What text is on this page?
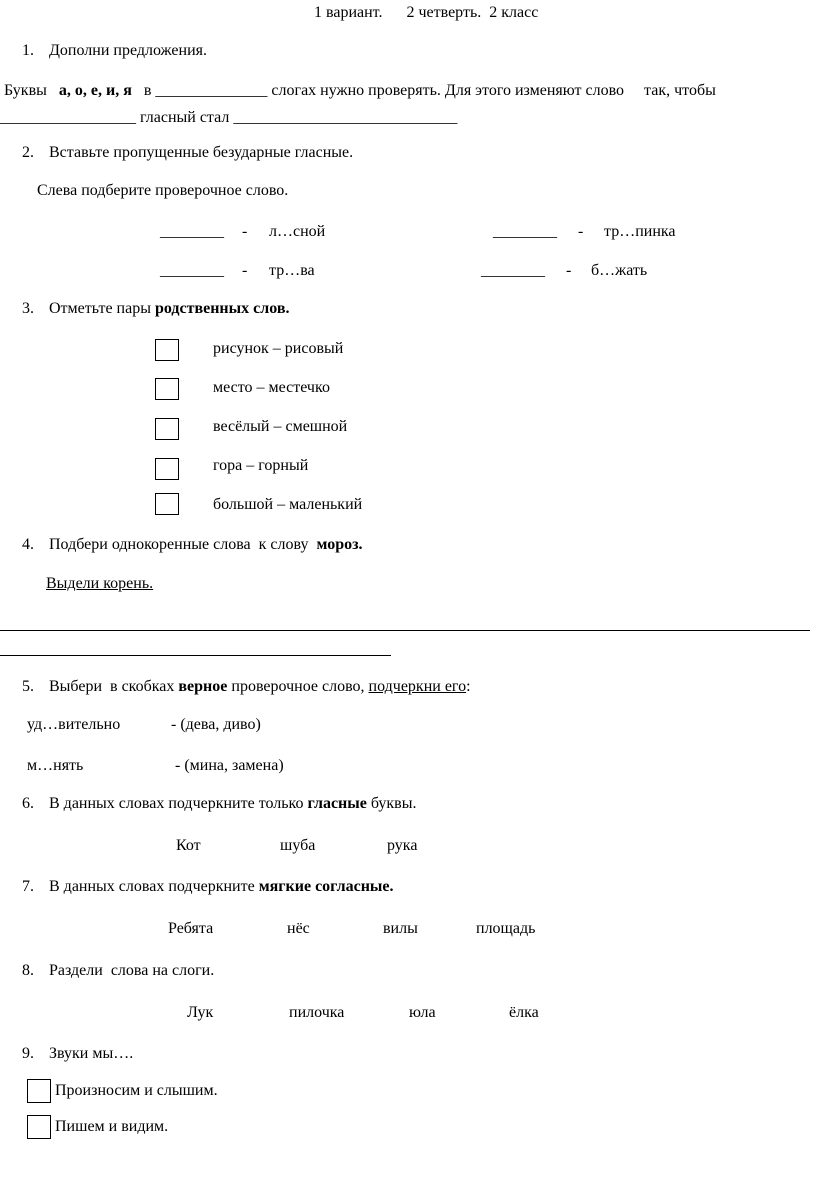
1 вариант.      2 четверть.  2 класс
1. Дополни предложения.
Буквы а, о, е, и, я в ______________ слогах нужно проверять. Для этого изменяют слово     так, чтобы
_________________ гласный стал ____________________________
2. Вставьте пропущенные безударные гласные.
Слева подберите проверочное слово.
________ - л…сной	________ - тр…пинка
________ - тр…ва	________ - б…жать
3. Отметьте пары родственных слов.
рисунок – рисовый
место – местечко
весёлый – смешной
гора – горный
большой – маленький
4. Подбери однокоренные слова  к слову мороз.
Выдели корень.
5. Выбери  в скобках верное проверочное слово, подчеркни его:
уд…вительно	- (дева, диво)
м…нять	- (мина, замена)
6. В данных словах подчеркните только гласные буквы.
Кот	шуба	рука
7. В данных словах подчеркните мягкие согласные.
Ребята	нёс	вилы	площадь
8. Раздели  слова на слоги.
Лук	пилочка	юла	ёлка
9. Звуки мы….
Произносим и слышим.
Пишем и видим.
